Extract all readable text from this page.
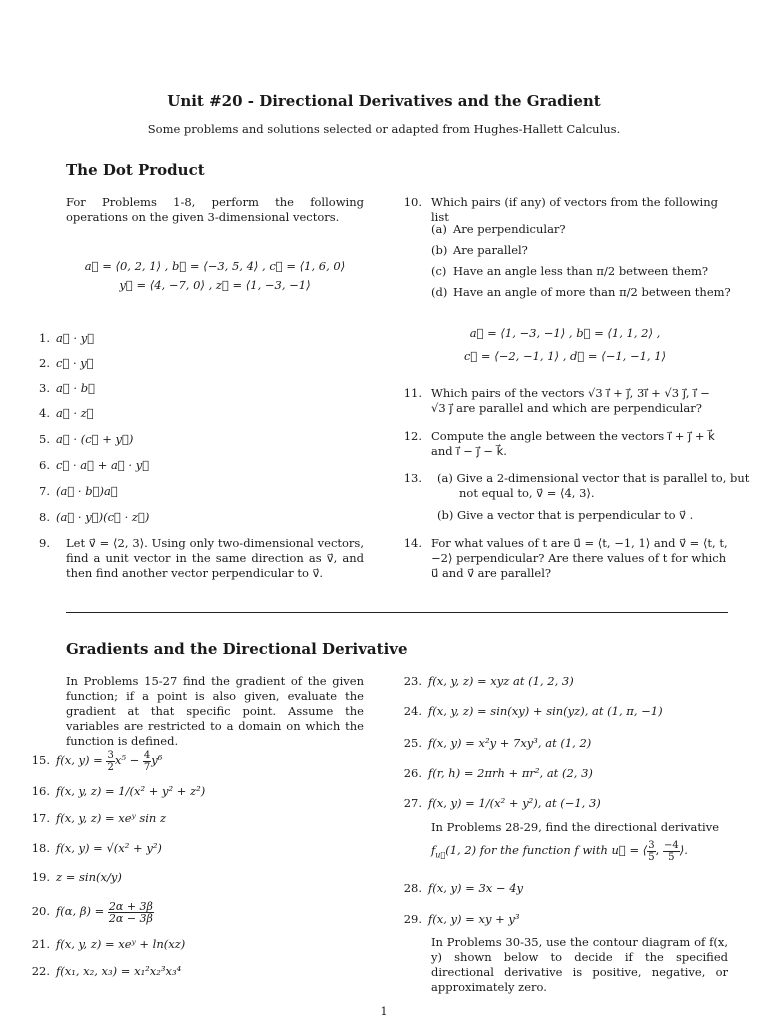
Unit #20 - Directional Derivatives and the Gradient
Some problems and solutions selected or adapted from Hughes-Hallett Calculus.
The Dot Product
For Problems 1-8, perform the following operations on the given 3-dimensional vectors.
a⃗ = ⟨0, 2, 1⟩ , b⃗ = ⟨−3, 5, 4⟩ , c⃗ = ⟨1, 6, 0⟩
y⃗ = ⟨4, −7, 0⟩ , z⃗ = ⟨1, −3, −1⟩
1. a⃗ · y⃗
2. c⃗ · y⃗
3. a⃗ · b⃗
4. a⃗ · z⃗
5. a⃗ · (c⃗ + y⃗)
6. c⃗ · a⃗ + a⃗ · y⃗
7. (a⃗ · b⃗)a⃗
8. (a⃗ · y⃗)(c⃗ · z⃗)
9.	Let v⃗ = ⟨2, 3⟩. Using only two-dimensional vectors, find a unit vector in the same direction as v⃗, and then find another vector perpendicular to v⃗.
10. Which pairs (if any) of vectors from the following list
(a) Are perpendicular?
(b) Are parallel?
(c) Have an angle less than π/2 between them?
(d) Have an angle of more than π/2 between them?
a⃗ = ⟨1, −3, −1⟩ , b⃗ = ⟨1, 1, 2⟩ ,
c⃗ = ⟨−2, −1, 1⟩ , d⃗ = ⟨−1, −1, 1⟩
11. Which pairs of the vectors √3 i⃗ + j⃗, 3i⃗ + √3 j⃗, i⃗ − √3 j⃗ are parallel and which are perpendicular?
12. Compute the angle between the vectors i⃗ + j⃗ + k⃗ and i⃗ − j⃗ − k⃗.
13.	(a) Give a 2-dimensional vector that is parallel to, but not equal to, v⃗ = ⟨4, 3⟩.
(b) Give a vector that is perpendicular to v⃗ .
14. For what values of t are u⃗ = ⟨t, −1, 1⟩ and v⃗ = ⟨t, t, −2⟩ perpendicular? Are there values of t for which u⃗ and v⃗ are parallel?
Gradients and the Directional Derivative
In Problems 15-27 find the gradient of the given function; if a point is also given, evaluate the gradient at that specific point. Assume the variables are restricted to a domain on which the function is defined.
15. f(x, $y) = \frac{3}{2} x^5 - \frac{4}{7} y^6$
16. f(x, y, z) = 1/(x² + y² + z²)
17. f(x, y, z) = xeʸ sin z
18. f(x, y) = √(x² + y²)
19. z = sin(x/y)
20. f(α, $\beta) = \frac{2\alpha + 3\beta}{2\alpha - 3\beta}$
21. f(x, y, z) = xeʸ + ln(xz)
22. f(x₁, x₂, x₃) = x₁²x₂³x₃⁴
23. f(x, y, z) = xyz at (1, 2, 3)
24. f(x, y, z) = sin(xy) + sin(yz), at (1, π, −1)
25. f(x, y) = x²y + 7xy³, at (1, 2)
26. f(r, h) = 2πrh + πr², at (2, 3)
27. f(x, y) = 1/(x² + y²), at (−1, 3)
In Problems 28-29, find the directional derivative
$f_{u⃗}(1$, 2) for the function f with u⃗ = ⟨ $\frac{3}{5}$ , $\frac{-4}{5}$ ⟩.
28. f(x, y) = 3x − 4y
29. f(x, y) = xy + y³
In Problems 30-35, use the contour diagram of f(x, y) shown below to decide if the specified directional derivative is positive, negative, or approximately zero.
1
